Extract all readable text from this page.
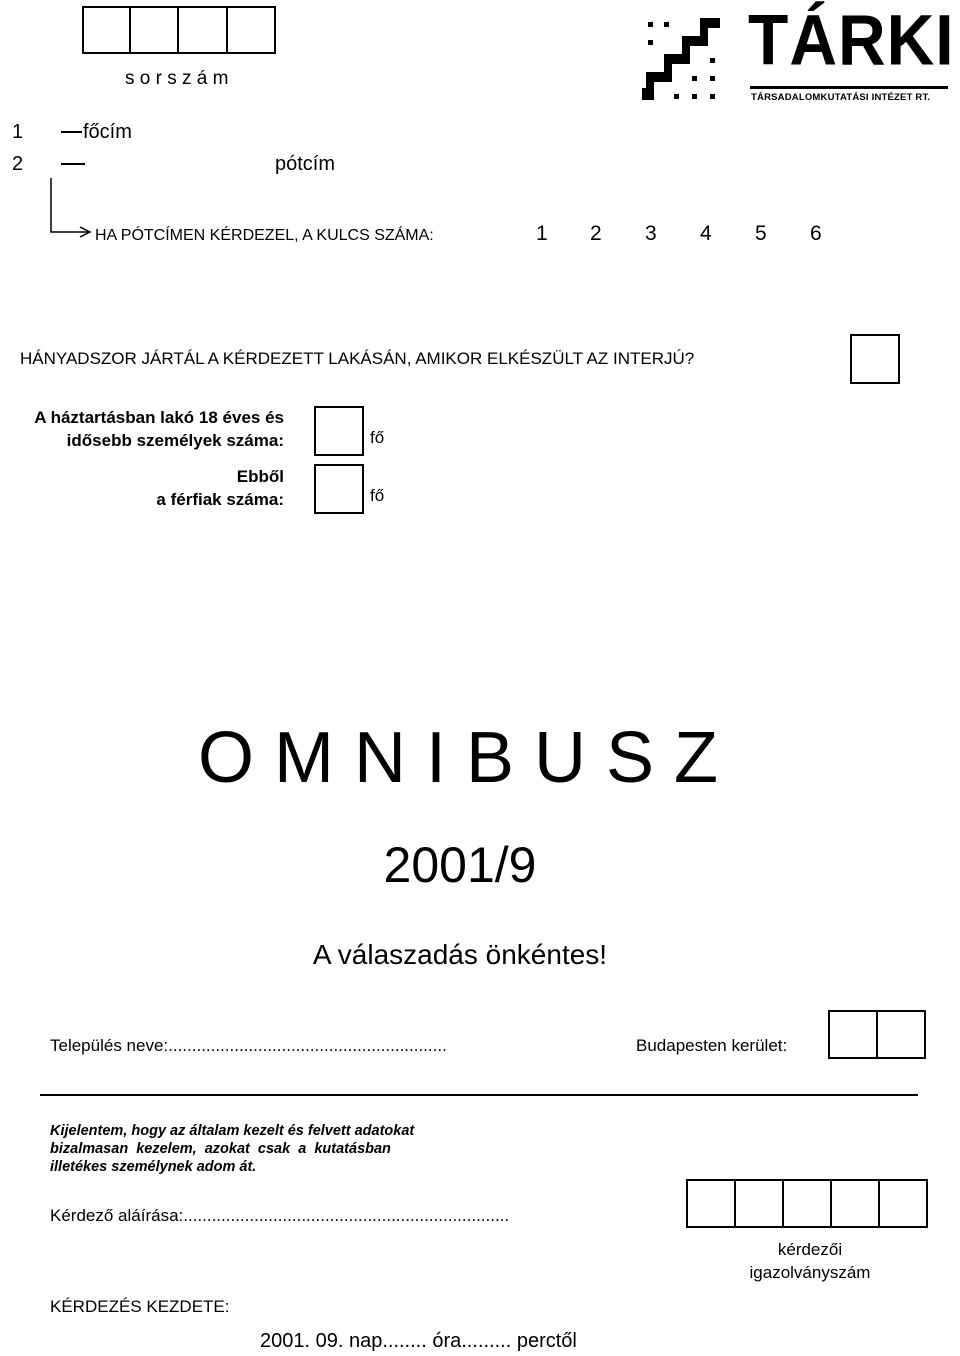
s o r s z á m	TÁRKI
TÁRSADALOMKUTATÁSI INTÉZET RT.
1	főcím
2	pótcím
HA PÓTCÍMEN KÉRDEZEL, A KULCS SZÁMA:	1 2 3 4 5 6
HÁNYADSZOR JÁRTÁL A KÉRDEZETT LAKÁSÁN, AMIKOR ELKÉSZÜLT AZ INTERJÚ?
A háztartásban lakó 18 éves és
idősebb személyek száma:	fő
Ebből
a férfiak száma:	fő
O M N I B U S Z
2001/9
A válaszadás önkéntes!
Település neve:...........................................................	Budapesten kerület:
Kijelentem, hogy az általam kezelt és felvett adatokat
bizalmasan  kezelem,  azokat  csak  a  kutatásban
illetékes személynek adom át.
Kérdező aláírása:.....................................................................
kérdezői
igazolványszám
KÉRDEZÉS KEZDETE:
2001. 09. nap........ óra......... perctől
